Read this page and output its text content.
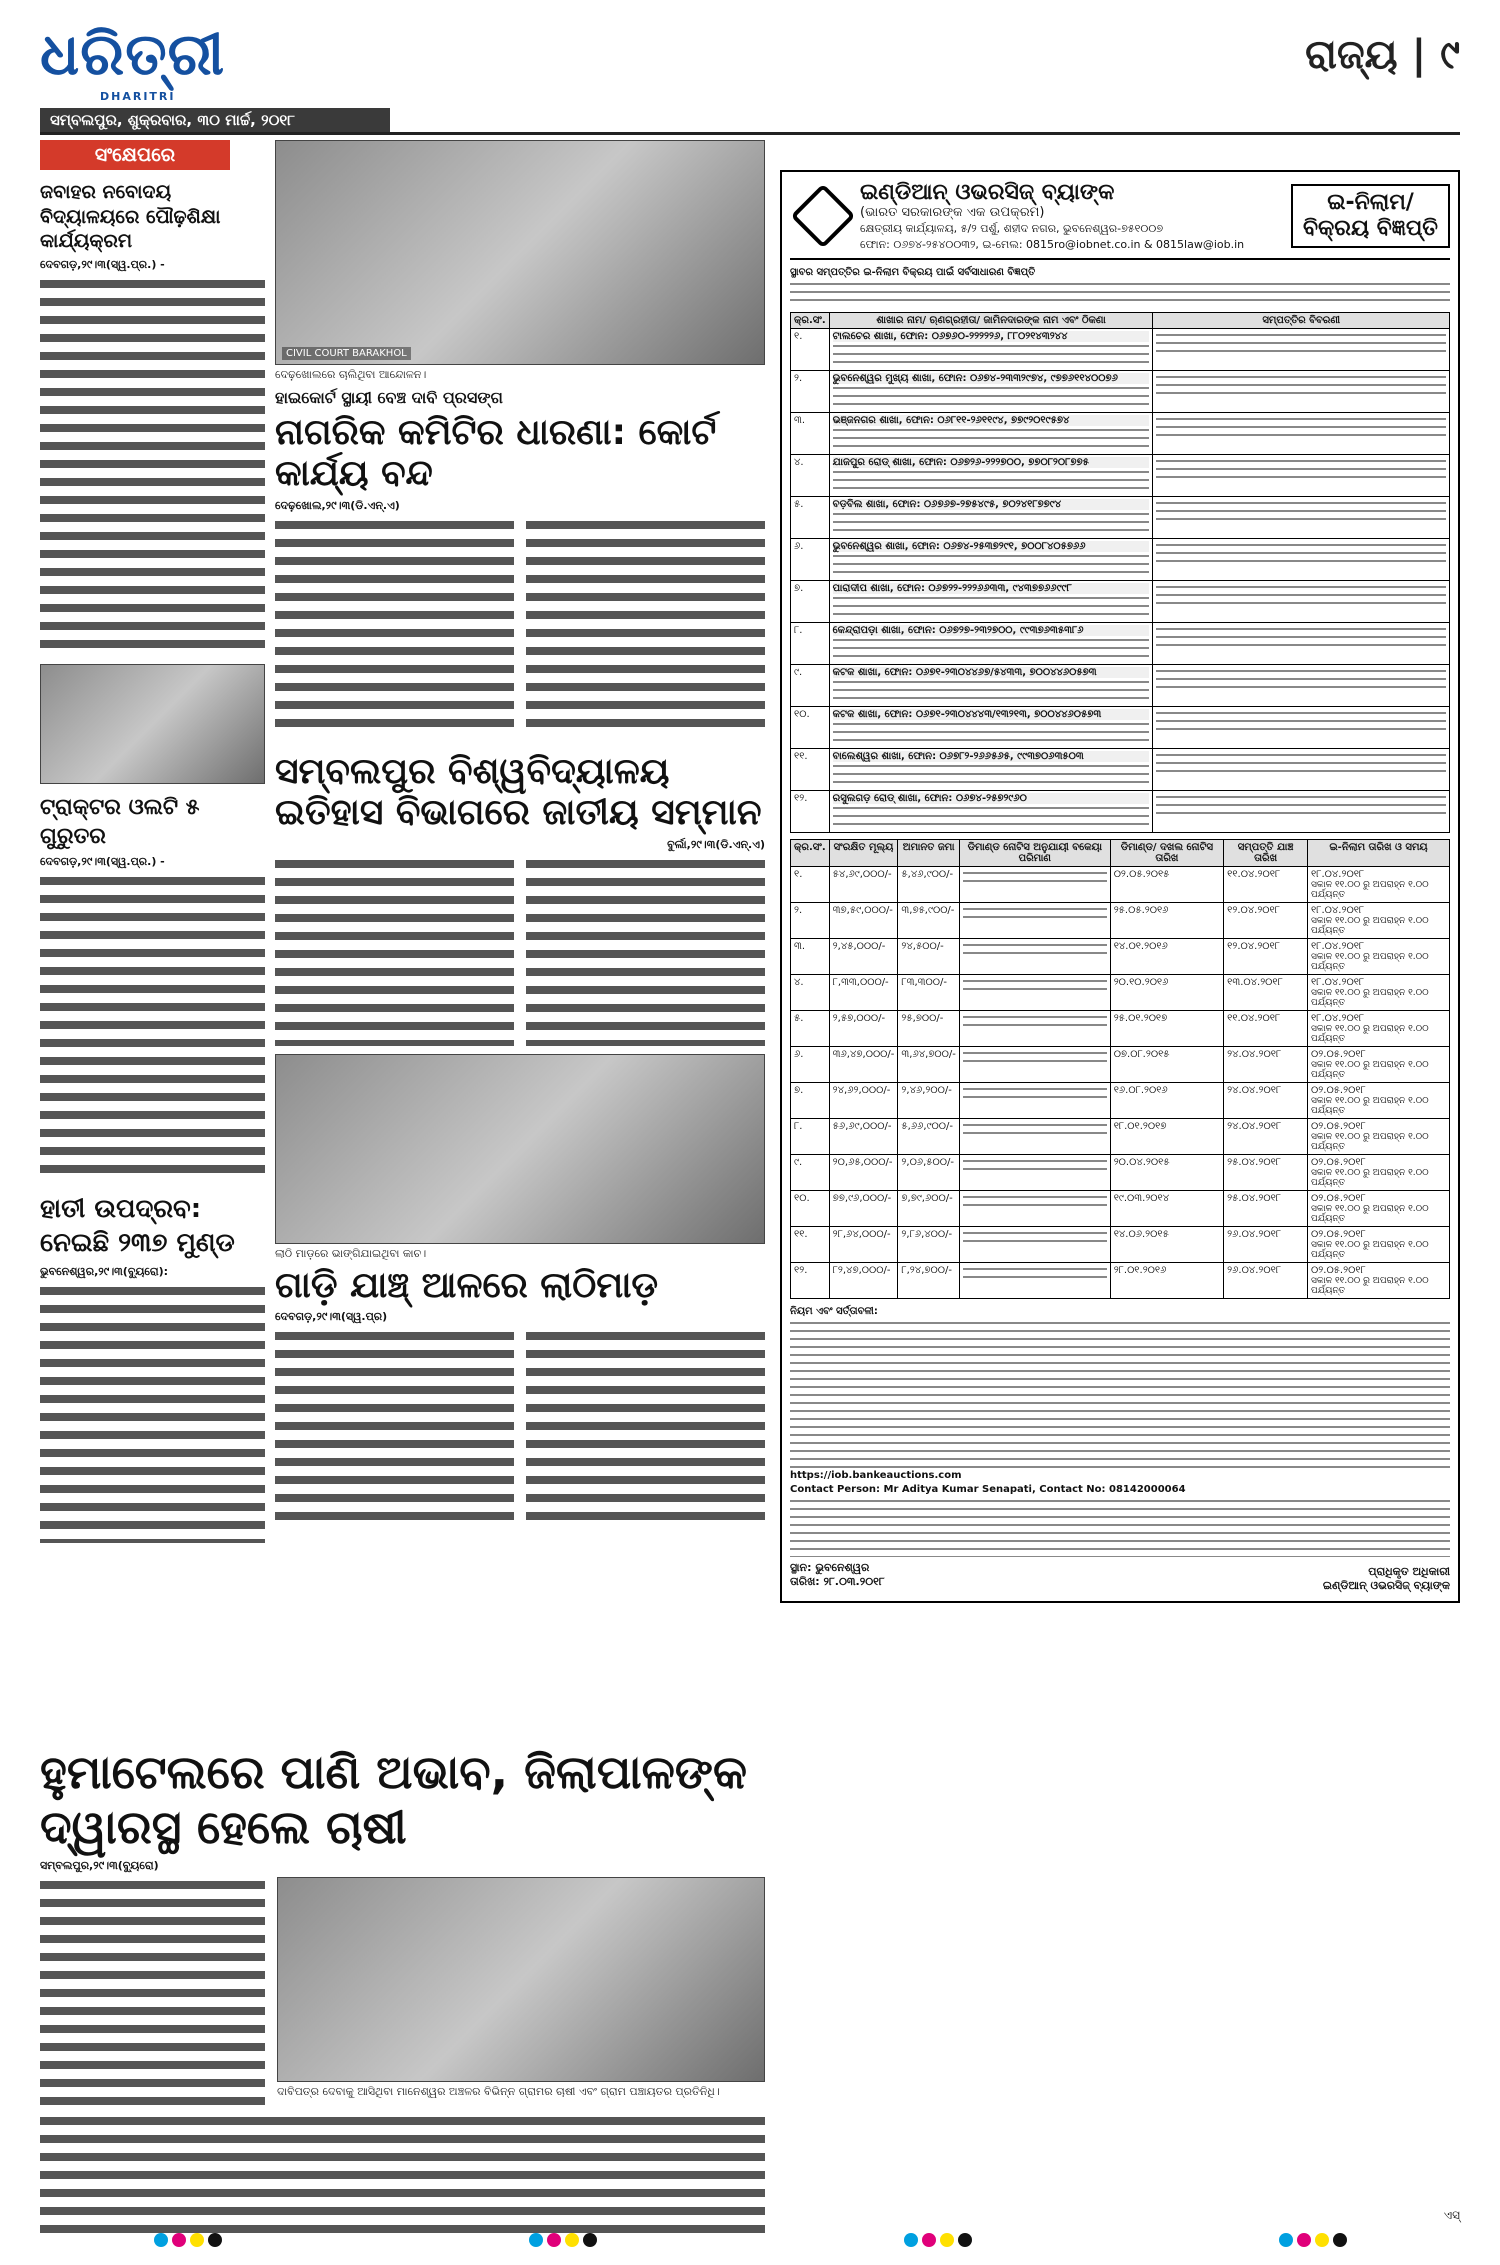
ଧରିତ୍ରୀ
DHARITRI
ସମ୍ବଲପୁର, ଶୁକ୍ରବାର, ୩୦ ମାର୍ଚ୍ଚ, ୨୦୧୮
ରାଜ୍ୟ | ୯
ସଂକ୍ଷେପରେ
ଜବାହର ନବୋଦୟ ବିଦ୍ୟାଳୟରେ ପୌଢ଼ଶିକ୍ଷା କାର୍ଯ୍ୟକ୍ରମ
ଦେବଗଡ଼,୨୯।୩(ସ୍ୱ.ପ୍ର.) -
ଟ୍ରାକ୍ଟର ଓଲଟି ୫ ଗୁରୁତର
ଦେବଗଡ଼,୨୯।୩(ସ୍ୱ.ପ୍ର.) -
ହାତୀ ଉପଦ୍ରବ: ନେଇଛି ୨୩୭ ମୁଣ୍ଡ
ଭୁବନେଶ୍ୱର,୨୯।୩(ବ୍ୟୁରୋ):
CIVIL COURT BARAKHOL
ଦେଢ଼ଖୋଲରେ ଚାଲିଥିବା ଆନ୍ଦୋଳନ।
ହାଇକୋର୍ଟ ସ୍ଥାୟୀ ବେଞ୍ଚ ଦାବି ପ୍ରସଙ୍ଗ
ନାଗରିକ କମିଟିର ଧାରଣା: କୋର୍ଟ କାର୍ଯ୍ୟ ବନ୍ଦ
ଦେଢ଼ଖୋଲ,୨୯।୩(ଡି.ଏନ୍.ଏ)
ସମ୍ବଲପୁର ବିଶ୍ୱବିଦ୍ୟାଳୟ ଇତିହାସ ବିଭାଗରେ ଜାତୀୟ ସମ୍ମାନ
ବୁର୍ଲା,୨୯।୩(ଡି.ଏନ୍.ଏ)
ଲାଠି ମାଡ଼ରେ ଭାଙ୍ଗିଯାଇଥିବା କାଚ।
ଗାଡ଼ି ଯାଞ୍ଚ୍ ଆଳରେ ଲାଠିମାଡ଼
ଦେବଗଡ଼,୨୯।୩(ସ୍ୱ.ପ୍ର)
ହୁମାଟେଲରେ ପାଣି ଅଭାବ, ଜିଲାପାଳଙ୍କ ଦ୍ୱାରସ୍ଥ ହେଲେ ଚାଷୀ
ସମ୍ବଲପୁର,୨୯।୩(ବ୍ୟୁରୋ)
ଦାବିପତ୍ର ଦେବାକୁ ଆସିଥିବା ମାନେଶ୍ୱର ଅଞ୍ଚଳର ବିଭିନ୍ନ ଗ୍ରାମର ଚାଷୀ ଏବଂ ଗ୍ରାମ ପଞ୍ଚାୟତର ପ୍ରତିନିଧି।
ଇଣ୍ଡିଆନ୍ ଓଭରସିଜ୍ ବ୍ୟାଙ୍କ
(ଭାରତ ସରକାରଙ୍କ ଏକ ଉପକ୍ରମ)
କ୍ଷେତ୍ରୀୟ କାର୍ଯ୍ୟାଳୟ, ୫/୨ ପର୍ଶୁ, ଶହୀଦ ନଗର, ଭୁବନେଶ୍ୱର-୭୫୧୦୦୭
ଫୋନ: ୦୬୭୪-୨୫୪୦୦୩୨, ଇ-ମେଲ: 0815ro@iobnet.co.in & 0815law@iob.in
ଇ-ନିଲାମ/
ବିକ୍ରୟ ବିଜ୍ଞପ୍ତି
ସ୍ଥାବର ସମ୍ପତ୍ତିର ଇ-ନିଲାମ ବିକ୍ରୟ ପାଇଁ ସର୍ବସାଧାରଣ ବିଜ୍ଞପ୍ତି
କ୍ର.ସଂ.	ଶାଖାର ନାମ/ ଋଣଗ୍ରହୀତା/ ଜାମିନଦାରଙ୍କ ନାମ ଏବଂ ଠିକଣା	ସମ୍ପତ୍ତିର ବିବରଣୀ
୧.	ଟାଲଚେର ଶାଖା, ଫୋନ: ୦୬୭୬୦-୨୨୨୨୨୬, ୮୮୦୨୧୪୩୨୪୪	

୨.	ଭୁବନେଶ୍ୱର ମୁଖ୍ୟ ଶାଖା, ଫୋନ: ୦୬୭୪-୨୩୩୨୯୭୪, ୯୭୭୬୧୧୪୦୦୭୬	

୩.	ଭଞ୍ଜନଗର ଶାଖା, ଫୋନ: ୦୬୮୧୧-୨୬୧୧୯୪, ୭୭୯୨୦୧୯୫୭୪	

୪.	ଯାଜପୁର ରୋଡ୍ ଶାଖା, ଫୋନ: ୦୬୭୨୬-୨୨୨୭୦୦, ୭୭୦୮୨୦୮୭୭୫	

୫.	ବଡ଼ବିଲ ଶାଖା, ଫୋନ: ୦୬୭୬୭-୨୭୫୪୯୫, ୭୦୨୪୧୮୭୭୯୪	

୬.	ଭୁବନେଶ୍ୱର ଶାଖା, ଫୋନ: ୦୬୭୪-୨୫୩୭୨୯୧, ୭୦୦୮୪୦୫୭୬୬	

୭.	ପାରାଦୀପ ଶାଖା, ଫୋନ: ୦୬୭୨୨-୨୨୨୬୬୩୩, ୯୪୩୭୭୬୬୯୯୮	

୮.	କେନ୍ଦ୍ରାପଡ଼ା ଶାଖା, ଫୋନ: ୦୬୭୨୭-୨୩୨୭୦୦, ୯୯୩୭୬୩୫୩୮୬	

୯.	କଟକ ଶାଖା, ଫୋନ: ୦୬୭୧-୨୩୦୪୪୬୭/୫୪୩୩, ୭୦୦୪୪୬୦୫୭୩	

୧୦.	କଟକ ଶାଖା, ଫୋନ: ୦୬୭୧-୨୩୦୪୪୪୩/୧୩୨୧୩, ୭୦୦୪୪୬୦୫୭୩	

୧୧.	ବାଲେଶ୍ୱର ଶାଖା, ଫୋନ: ୦୬୭୮୨-୨୬୬୫୬୫, ୯୯୩୭୦୬୩୫୦୩	

୧୨.	ରସୁଲଗଡ଼ ରୋଡ୍ ଶାଖା, ଫୋନ: ୦୬୭୪-୨୫୭୨୯୬୦	

କ୍ର.ସଂ.	ସଂରକ୍ଷିତ ମୂଲ୍ୟ	ଅମାନତ ଜମା	ଡିମାଣ୍ଡ ନୋଟିସ ଅନୁଯାୟୀ ବକେୟା ପରିମାଣ	ଡିମାଣ୍ଡ/ ଦଖଲ ନୋଟିସ ତାରିଖ	ସମ୍ପତ୍ତି ଯାଞ୍ଚ ତାରିଖ	ଇ-ନିଲାମ ତାରିଖ ଓ ସମୟ
୧.	୫୪,୬୯,୦୦୦/-	୫,୪୬,୯୦୦/-		୦୨.୦୫.୨୦୧୫	୧୧.୦୪.୨୦୧୮	୧୮.୦୪.୨୦୧୮
ସକାଳ ୧୧.୦୦ ରୁ ଅପରାହ୍ନ ୧.୦୦ ପର୍ଯ୍ୟନ୍ତ

୨.	୩୭,୫୯,୦୦୦/-	୩,୭୫,୯୦୦/-		୨୫.୦୫.୨୦୧୬	୧୨.୦୪.୨୦୧୮	୧୮.୦୪.୨୦୧୮
ସକାଳ ୧୧.୦୦ ରୁ ଅପରାହ୍ନ ୧.୦୦ ପର୍ଯ୍ୟନ୍ତ

୩.	୨,୪୫,୦୦୦/-	୨୪,୫୦୦/-		୧୪.୦୧.୨୦୧୬	୧୨.୦୪.୨୦୧୮	୧୮.୦୪.୨୦୧୮
ସକାଳ ୧୧.୦୦ ରୁ ଅପରାହ୍ନ ୧.୦୦ ପର୍ଯ୍ୟନ୍ତ

୪.	୮,୩୩,୦୦୦/-	୮୩,୩୦୦/-		୨୦.୧୦.୨୦୧୬	୧୩.୦୪.୨୦୧୮	୧୮.୦୪.୨୦୧୮
ସକାଳ ୧୧.୦୦ ରୁ ଅପରାହ୍ନ ୧.୦୦ ପର୍ଯ୍ୟନ୍ତ

୫.	୨,୫୭,୦୦୦/-	୨୫,୭୦୦/-		୨୫.୦୧.୨୦୧୭	୧୧.୦୪.୨୦୧୮	୧୮.୦୪.୨୦୧୮
ସକାଳ ୧୧.୦୦ ରୁ ଅପରାହ୍ନ ୧.୦୦ ପର୍ଯ୍ୟନ୍ତ

୬.	୩୬,୪୭,୦୦୦/-	୩,୬୪,୭୦୦/-		୦୭.୦୮.୨୦୧୫	୨୪.୦୪.୨୦୧୮	୦୨.୦୫.୨୦୧୮
ସକାଳ ୧୧.୦୦ ରୁ ଅପରାହ୍ନ ୧.୦୦ ପର୍ଯ୍ୟନ୍ତ

୭.	୨୪,୬୨,୦୦୦/-	୨,୪୬,୨୦୦/-		୧୬.୦୮.୨୦୧୬	୨୪.୦୪.୨୦୧୮	୦୨.୦୫.୨୦୧୮
ସକାଳ ୧୧.୦୦ ରୁ ଅପରାହ୍ନ ୧.୦୦ ପର୍ଯ୍ୟନ୍ତ

୮.	୫୬,୬୯,୦୦୦/-	୫,୬୬,୯୦୦/-		୧୮.୦୧.୨୦୧୭	୨୪.୦୪.୨୦୧୮	୦୨.୦୫.୨୦୧୮
ସକାଳ ୧୧.୦୦ ରୁ ଅପରାହ୍ନ ୧.୦୦ ପର୍ଯ୍ୟନ୍ତ

୯.	୨୦,୬୫,୦୦୦/-	୨,୦୬,୫୦୦/-		୨୦.୦୪.୨୦୧୫	୨୫.୦୪.୨୦୧୮	୦୨.୦୫.୨୦୧୮
ସକାଳ ୧୧.୦୦ ରୁ ଅପରାହ୍ନ ୧.୦୦ ପର୍ଯ୍ୟନ୍ତ

୧୦.	୭୭,୯୬,୦୦୦/-	୭,୭୯,୬୦୦/-		୧୯.୦୩.୨୦୧୪	୨୫.୦୪.୨୦୧୮	୦୨.୦୫.୨୦୧୮
ସକାଳ ୧୧.୦୦ ରୁ ଅପରାହ୍ନ ୧.୦୦ ପର୍ଯ୍ୟନ୍ତ

୧୧.	୨୮,୬୪,୦୦୦/-	୨,୮୬,୪୦୦/-		୧୪.୦୬.୨୦୧୫	୨୬.୦୪.୨୦୧୮	୦୨.୦୫.୨୦୧୮
ସକାଳ ୧୧.୦୦ ରୁ ଅପରାହ୍ନ ୧.୦୦ ପର୍ଯ୍ୟନ୍ତ

୧୨.	୮୨,୪୭,୦୦୦/-	୮,୨୪,୭୦୦/-		୨୮.୦୧.୨୦୧୬	୨୬.୦୪.୨୦୧୮	୦୨.୦୫.୨୦୧୮
ସକାଳ ୧୧.୦୦ ରୁ ଅପରାହ୍ନ ୧.୦୦ ପର୍ଯ୍ୟନ୍ତ
ନିୟମ ଏବଂ ସର୍ତ୍ତାବଳୀ:
https://iob.bankeauctions.com
Contact Person: Mr Aditya Kumar Senapati, Contact No: 08142000064
ସ୍ଥାନ: ଭୁବନେଶ୍ୱର
ତାରିଖ: ୨୮.୦୩.୨୦୧୮
ପ୍ରାଧିକୃତ ଅଧିକାରୀ
ଇଣ୍ଡିଆନ୍ ଓଭରସିଜ୍ ବ୍ୟାଙ୍କ
ଏସ୍
